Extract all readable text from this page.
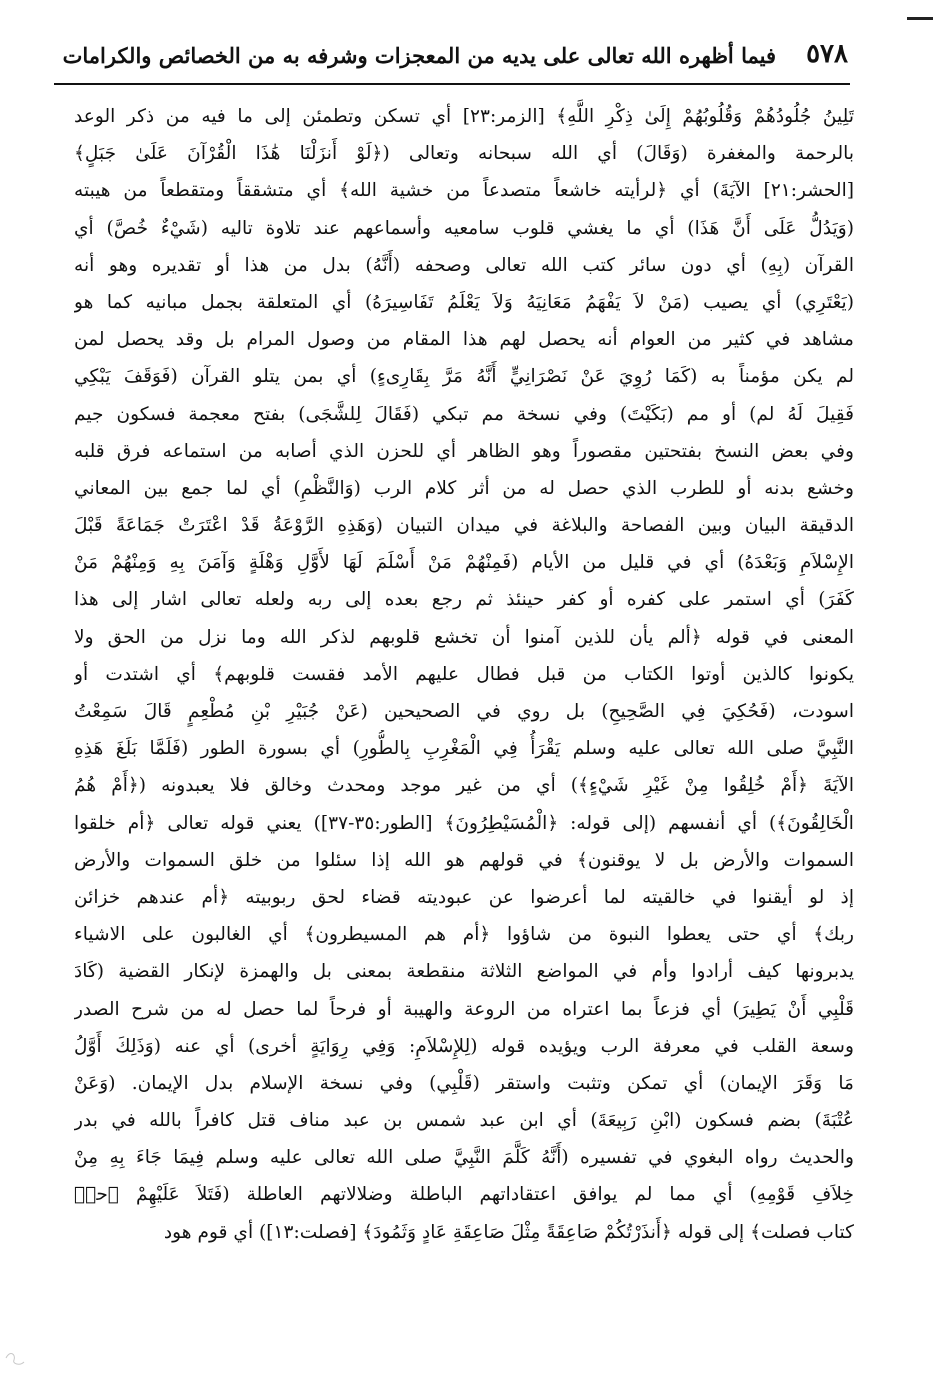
٥٧٨
فيما أظهره الله تعالى على يديه من المعجزات وشرفه به من الخصائص والكرامات
تَلِينُ جُلُودُهُمْ وَقُلُوبُهُمْ إِلَىٰ ذِكْرِ اللَّهِ﴾ [الزمر:٢٣] أي تسكن وتطمئن إلى ما فيه من ذكر الوعد
بالرحمة والمغفرة (وَقَالَ) أي الله سبحانه وتعالى (﴿لَوْ أَنزَلْنَا هَٰذَا الْقُرْآنَ عَلَىٰ جَبَلٍ﴾
[الحشر:٢١] الآيَةَ) أي ﴿لرأيته خاشعاً متصدعاً من خشية الله﴾ أي متشققاً ومتقطعاً من هيبته
(وَيَدُلُّ عَلَى أَنَّ هَذَا) أي ما يغشي قلوب سامعيه وأسماعهم عند تلاوة تاليه (شَيْءٌ خُصَّ) أي
القرآن (بِهِ) أي دون سائر كتب الله تعالى وصحفه (أَنَّهُ) بدل من هذا أو تقديره وهو أنه
(يَعْتَرِي) أي يصيب (مَنْ لاَ يَفْهَمُ مَعَانِيَهُ وَلاَ يَعْلَمُ تَفَاسِيرَهُ) أي المتعلقة بجمل مبانيه كما هو
مشاهد في كثير من العوام أنه يحصل لهم هذا المقام من وصول المرام بل وقد يحصل لمن
لم يكن مؤمناً به (كَمَا رُوِيَ عَنْ نَصْرَانِيٍّ أَنَّهُ مَرَّ بِقَارِىءٍ) أي بمن يتلو القرآن (فَوَقَفَ يَبْكِي
فَقِيلَ لَهُ لم) أو مم (بَكَيْتَ) وفي نسخة مم تبكي (فَقَالَ لِلشَّجَى) بفتح معجمة فسكون جيم
وفي بعض النسخ بفتحتين مقصوراً وهو الظاهر أي للحزن الذي أصابه من استماعه فرق قلبه
وخشع بدنه أو للطرب الذي حصل له من أثر كلام الرب (وَالنَّظْمِ) أي لما جمع بين المعاني
الدقيقة البيان وبين الفصاحة والبلاغة في ميدان التبيان (وَهَذِهِ الرَّوْعَةُ قَدْ اعْتَرَتْ جَمَاعَةً قَبْلَ
الإِسْلاَمِ وَبَعْدَهُ) أي في قليل من الأيام (فَمِنْهُمْ مَنْ أَسْلَمَ لَهَا لأَوَّلِ وَهْلَةٍ وَآمَنَ بِهِ وَمِنْهُمْ مَنْ
كَفَرَ) أي استمر على كفره أو كفر حينئذ ثم رجع بعده إلى ربه ولعله تعالى اشار إلى هذا
المعنى في قوله ﴿ألم يأن للذين آمنوا أن تخشع قلوبهم لذكر الله وما نزل من الحق ولا
يكونوا كالذين أوتوا الكتاب من قبل فطال عليهم الأمد فقست قلوبهم﴾ أي اشتدت أو
اسودت، (فَحُكِيَ فِي الصَّحِيحِ) بل روي في الصحيحين (عَنْ جُبَيْرِ بْنِ مُطْعِمٍ قَالَ سَمِعْتُ
النَّبِيَّ صلى الله تعالى عليه وسلم يَقْرَأُ فِي الْمَغْرِبِ بِالطُّورِ) أي بسورة الطور (فَلَمَّا بَلَغَ هَذِهِ
الآيَةَ ﴿أَمْ خُلِقُوا مِنْ غَيْرِ شَيْءٍ﴾) أي من غير موجد ومحدث وخالق فلا يعبدونه (﴿أَمْ هُمُ
الْخَالِقُونَ﴾) أي أنفسهم (إلى قوله: ﴿الْمُسَيْطِرُونَ﴾ [الطور:٣٥-٣٧]) يعني قوله تعالى ﴿أم خلقوا
السموات والأرض بل لا يوقنون﴾ في قولهم هو الله إذا سئلوا من خلق السموات والأرض
إذ لو أيقنوا في خالقيته لما أعرضوا عن عبوديته قضاء لحق ربوبيته ﴿أم عندهم خزائن
ربك﴾ أي حتى يعطوا النبوة من شاؤوا ﴿أم هم المسيطرون﴾ أي الغالبون على الاشياء
يدبرونها كيف أرادوا وأم في المواضع الثلاثة منقطعة بمعنى بل والهمزة لإنكار القضية (كَادَ
قَلْبِي أَنْ يَطِيرَ) أي فزعاً بما اعتراه من الروعة والهيبة أو فرحاً لما حصل له من شرح الصدر
وسعة القلب في معرفة الرب ويؤيده قوله (لِلإِسْلاَمِ: وَفِي رِوَايَةٍ أخرى) أي عنه (وَذَلِكَ أَوَّلُ
مَا وَقَرَ الإيمان) أي تمكن وتثبت واستقر (قَلْبِي) وفي نسخة الإسلام بدل الإيمان. (وَعَنْ
عُتْبَةَ) بضم فسكون (ابْنِ رَبِيعَةَ) أي ابن عبد شمس بن عبد مناف قتل كافراً بالله في بدر
والحديث رواه البغوي في تفسيره (أَنَّهُ كَلَّمَ النَّبِيَّ صلى الله تعالى عليه وسلم فِيمَا جَاءَ بِهِ مِنْ
خِلاَفِ قَوْمِهِ) أي مما لم يوافق اعتقاداتهم الباطلة وضلالاتهم العاطلة (فَتَلاَ عَلَيْهِمْ ﴿حمۤ
كتاب فصلت﴾ إلى قوله ﴿أَنذَرْتُكُمْ صَاعِقَةً مِثْلَ صَاعِقَةِ عَادٍ وَثَمُودَ﴾ [فصلت:١٣]) أي قوم هود
